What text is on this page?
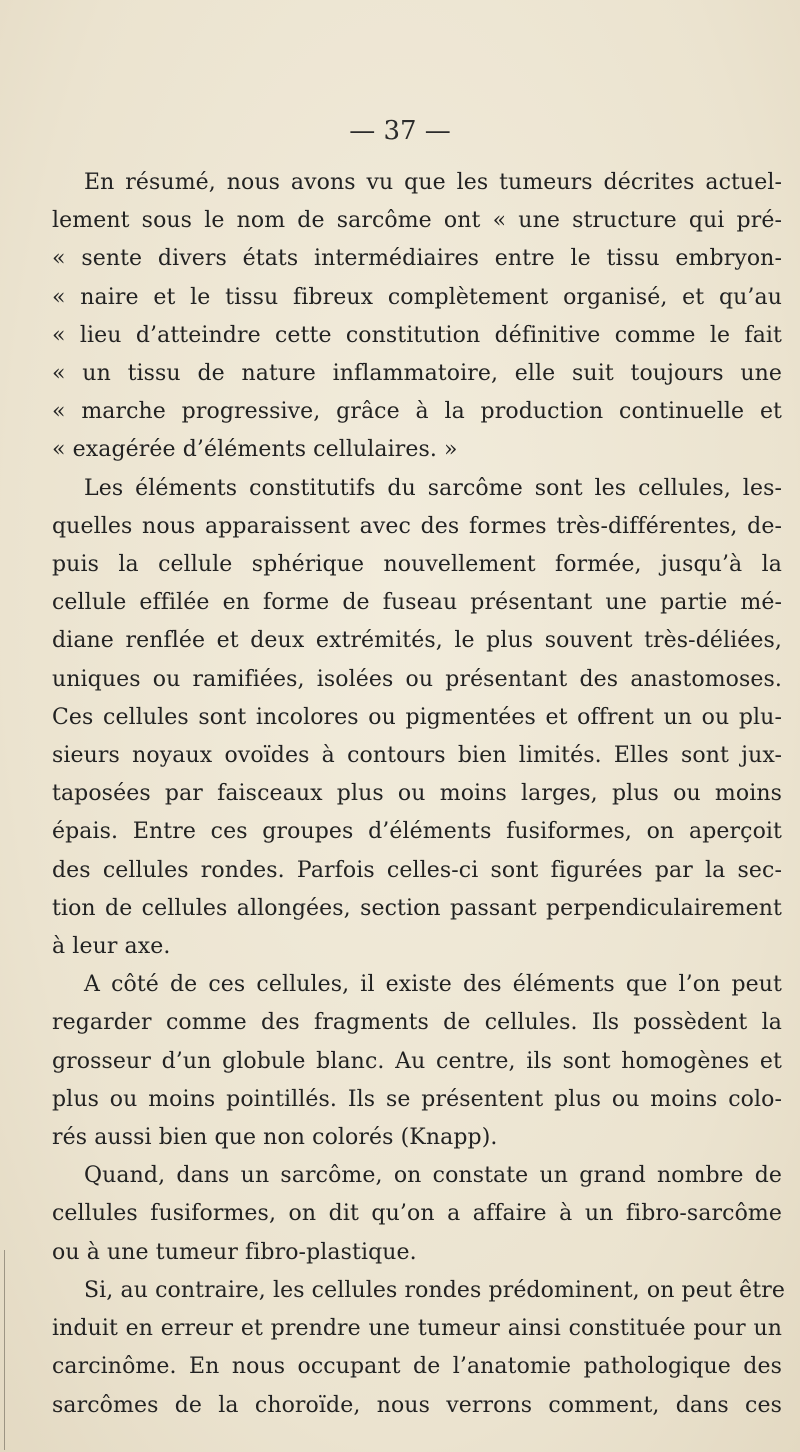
— 37 —
En résumé, nous avons vu que les tumeurs décrites actuel-
lement sous le nom de sarcôme ont « une structure qui pré-
« sente divers états intermédiaires entre le tissu embryon-
« naire et le tissu fibreux complètement organisé, et qu’au
« lieu d’atteindre cette constitution définitive comme le fait
« un tissu de nature inflammatoire, elle suit toujours une
« marche progressive, grâce à la production continuelle et
« exagérée d’éléments cellulaires. »
Les éléments constitutifs du sarcôme sont les cellules, les-
quelles nous apparaissent avec des formes très-différentes, de-
puis la cellule sphérique nouvellement formée, jusqu’à la
cellule effilée en forme de fuseau présentant une partie mé-
diane renflée et deux extrémités, le plus souvent très-déliées,
uniques ou ramifiées, isolées ou présentant des anastomoses.
Ces cellules sont incolores ou pigmentées et offrent un ou plu-
sieurs noyaux ovoïdes à contours bien limités. Elles sont jux-
taposées par faisceaux plus ou moins larges, plus ou moins
épais. Entre ces groupes d’éléments fusiformes, on aperçoit
des cellules rondes. Parfois celles-ci sont figurées par la sec-
tion de cellules allongées, section passant perpendiculairement
à leur axe.
A côté de ces cellules, il existe des éléments que l’on peut
regarder comme des fragments de cellules. Ils possèdent la
grosseur d’un globule blanc. Au centre, ils sont homogènes et
plus ou moins pointillés. Ils se présentent plus ou moins colo-
rés aussi bien que non colorés (Knapp).
Quand, dans un sarcôme, on constate un grand nombre de
cellules fusiformes, on dit qu’on a affaire à un fibro-sarcôme
ou à une tumeur fibro-plastique.
Si, au contraire, les cellules rondes prédominent, on peut être
induit en erreur et prendre une tumeur ainsi constituée pour un
carcinôme. En nous occupant de l’anatomie pathologique des
sarcômes de la choroïde, nous verrons comment, dans ces
